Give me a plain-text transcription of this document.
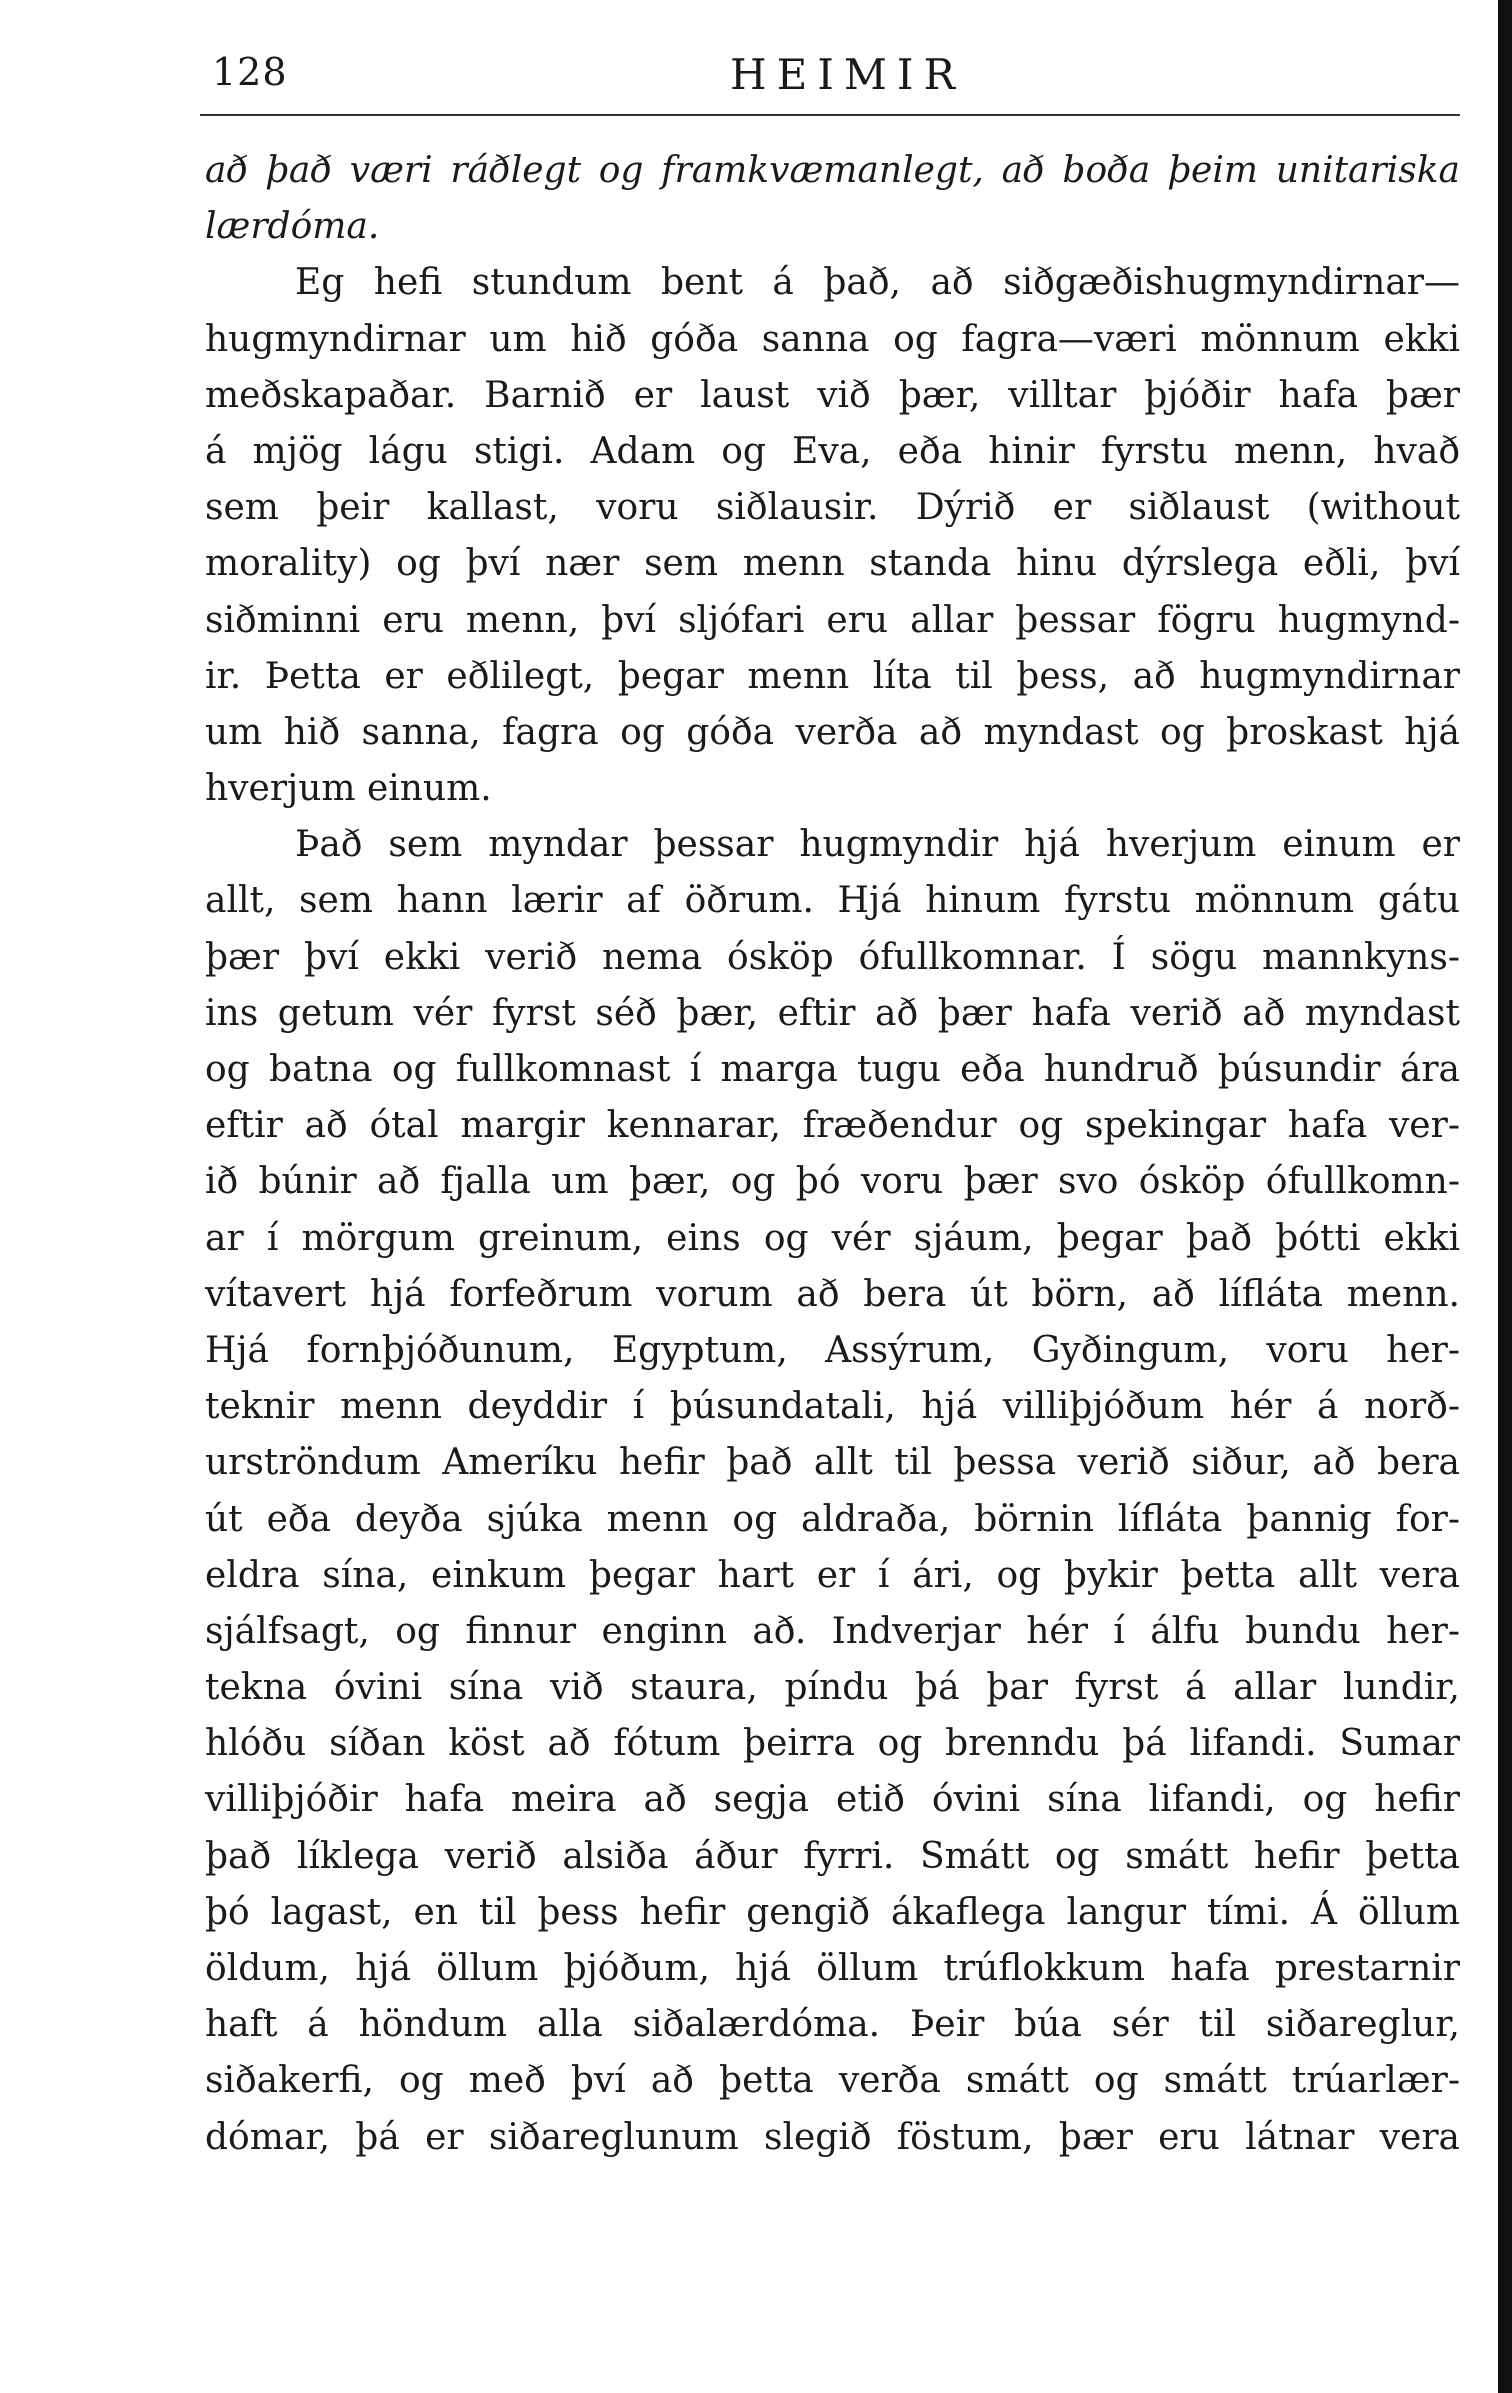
128	HEIMIR
að það væri ráðlegt og framkvæmanlegt, að boða þeim unitariska
lærdóma.
Eg hefi stundum bent á það, að siðgæðishugmyndirnar—
hugmyndirnar um hið góða sanna og fagra—væri mönnum ekki
meðskapaðar. Barnið er laust við þær, villtar þjóðir hafa þær
á mjög lágu stigi. Adam og Eva, eða hinir fyrstu menn, hvað
sem þeir kallast, voru siðlausir. Dýrið er siðlaust (without
morality) og því nær sem menn standa hinu dýrslega eðli, því
siðminni eru menn, því sljófari eru allar þessar fögru hugmynd-
ir. Þetta er eðlilegt, þegar menn líta til þess, að hugmyndirnar
um hið sanna, fagra og góða verða að myndast og þroskast hjá
hverjum einum.
Það sem myndar þessar hugmyndir hjá hverjum einum er
allt, sem hann lærir af öðrum. Hjá hinum fyrstu mönnum gátu
þær því ekki verið nema ósköp ófullkomnar. Í sögu mannkyns-
ins getum vér fyrst séð þær, eftir að þær hafa verið að myndast
og batna og fullkomnast í marga tugu eða hundruð þúsundir ára
eftir að ótal margir kennarar, fræðendur og spekingar hafa ver-
ið búnir að fjalla um þær, og þó voru þær svo ósköp ófullkomn-
ar í mörgum greinum, eins og vér sjáum, þegar það þótti ekki
vítavert hjá forfeðrum vorum að bera út börn, að lífláta menn.
Hjá fornþjóðunum, Egyptum, Assýrum, Gyðingum, voru her-
teknir menn deyddir í þúsundatali, hjá villiþjóðum hér á norð-
urströndum Ameríku hefir það allt til þessa verið siður, að bera
út eða deyða sjúka menn og aldraða, börnin lífláta þannig for-
eldra sína, einkum þegar hart er í ári, og þykir þetta allt vera
sjálfsagt, og finnur enginn að. Indverjar hér í álfu bundu her-
tekna óvini sína við staura, píndu þá þar fyrst á allar lundir,
hlóðu síðan köst að fótum þeirra og brenndu þá lifandi. Sumar
villiþjóðir hafa meira að segja etið óvini sína lifandi, og hefir
það líklega verið alsiða áður fyrri. Smátt og smátt hefir þetta
þó lagast, en til þess hefir gengið ákaflega langur tími. Á öllum
öldum, hjá öllum þjóðum, hjá öllum trúflokkum hafa prestarnir
haft á höndum alla siðalærdóma. Þeir búa sér til siðareglur,
siðakerfi, og með því að þetta verða smátt og smátt trúarlær-
dómar, þá er siðareglunum slegið föstum, þær eru látnar vera
